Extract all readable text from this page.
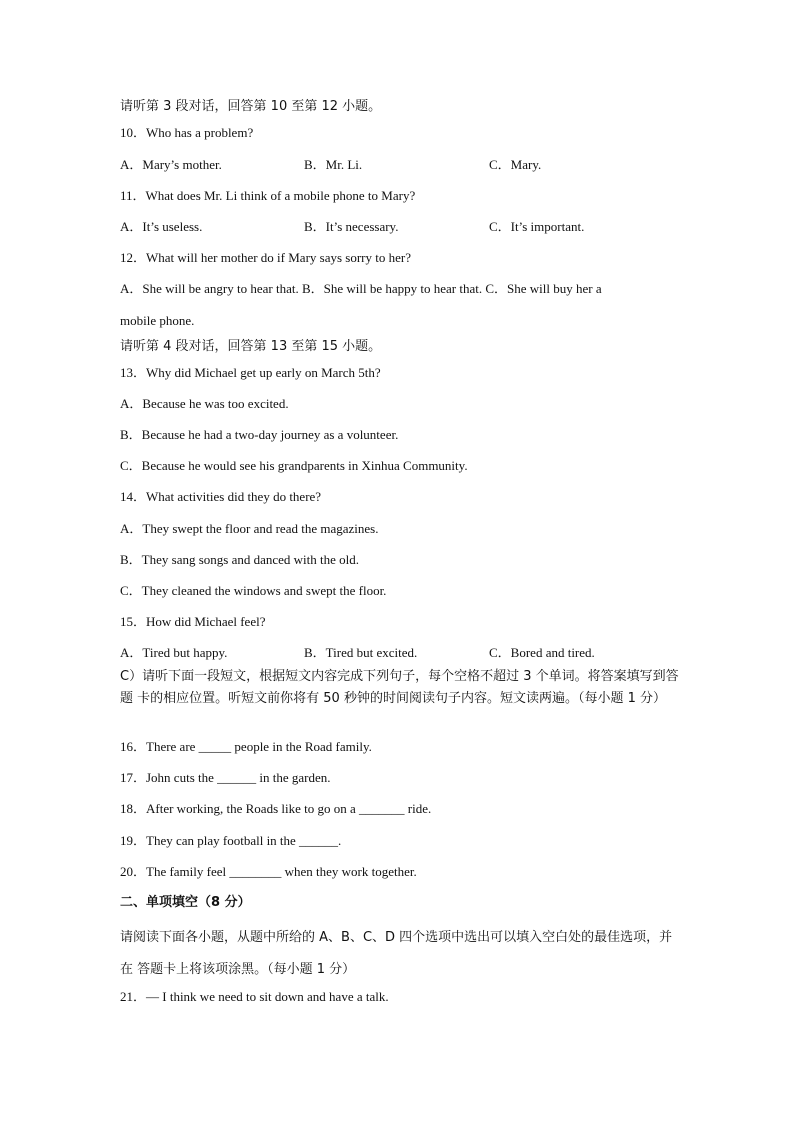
请听第 3 段对话，回答第 10 至第 12 小题。
10．Who has a problem?
A．Mary’s mother.	B．Mr. Li.	C．Mary.
11．What does Mr. Li think of a mobile phone to Mary?
A．It’s useless.	B．It’s necessary.	C．It’s important.
12．What will her mother do if Mary says sorry to her?
A．She will be angry to hear that. B．She will be happy to hear that. C．She will buy her a
mobile phone.
请听第 4 段对话，回答第 13 至第 15 小题。
13．Why did Michael get up early on March 5th?
A．Because he was too excited.
B．Because he had a two-day journey as a volunteer.
C．Because he would see his grandparents in Xinhua Community.
14．What activities did they do there?
A．They swept the floor and read the magazines.
B．They sang songs and danced with the old.
C．They cleaned the windows and swept the floor.
15．How did Michael feel?
A．Tired but happy.	B．Tired but excited.	C．Bored and tired.
C）请听下面一段短文，根据短文内容完成下列句子，每个空格不超过 3 个单词。将答案填写到答题 卡的相应位置。听短文前你将有 50 秒钟的时间阅读句子内容。短文读两遍。（每小题 1 分）
16．There are _____ people in the Road family.
17．John cuts the ______ in the garden.
18．After working, the Roads like to go on a _______ ride.
19．They can play football in the ______.
20．The family feel ________ when they work together.
二、单项填空（8 分）
请阅读下面各小题，从题中所给的 A、B、C、D 四个选项中选出可以填入空白处的最佳选项，并在 答题卡上将该项涂黑。（每小题 1 分）
21．— I think we need to sit down and have a talk.
